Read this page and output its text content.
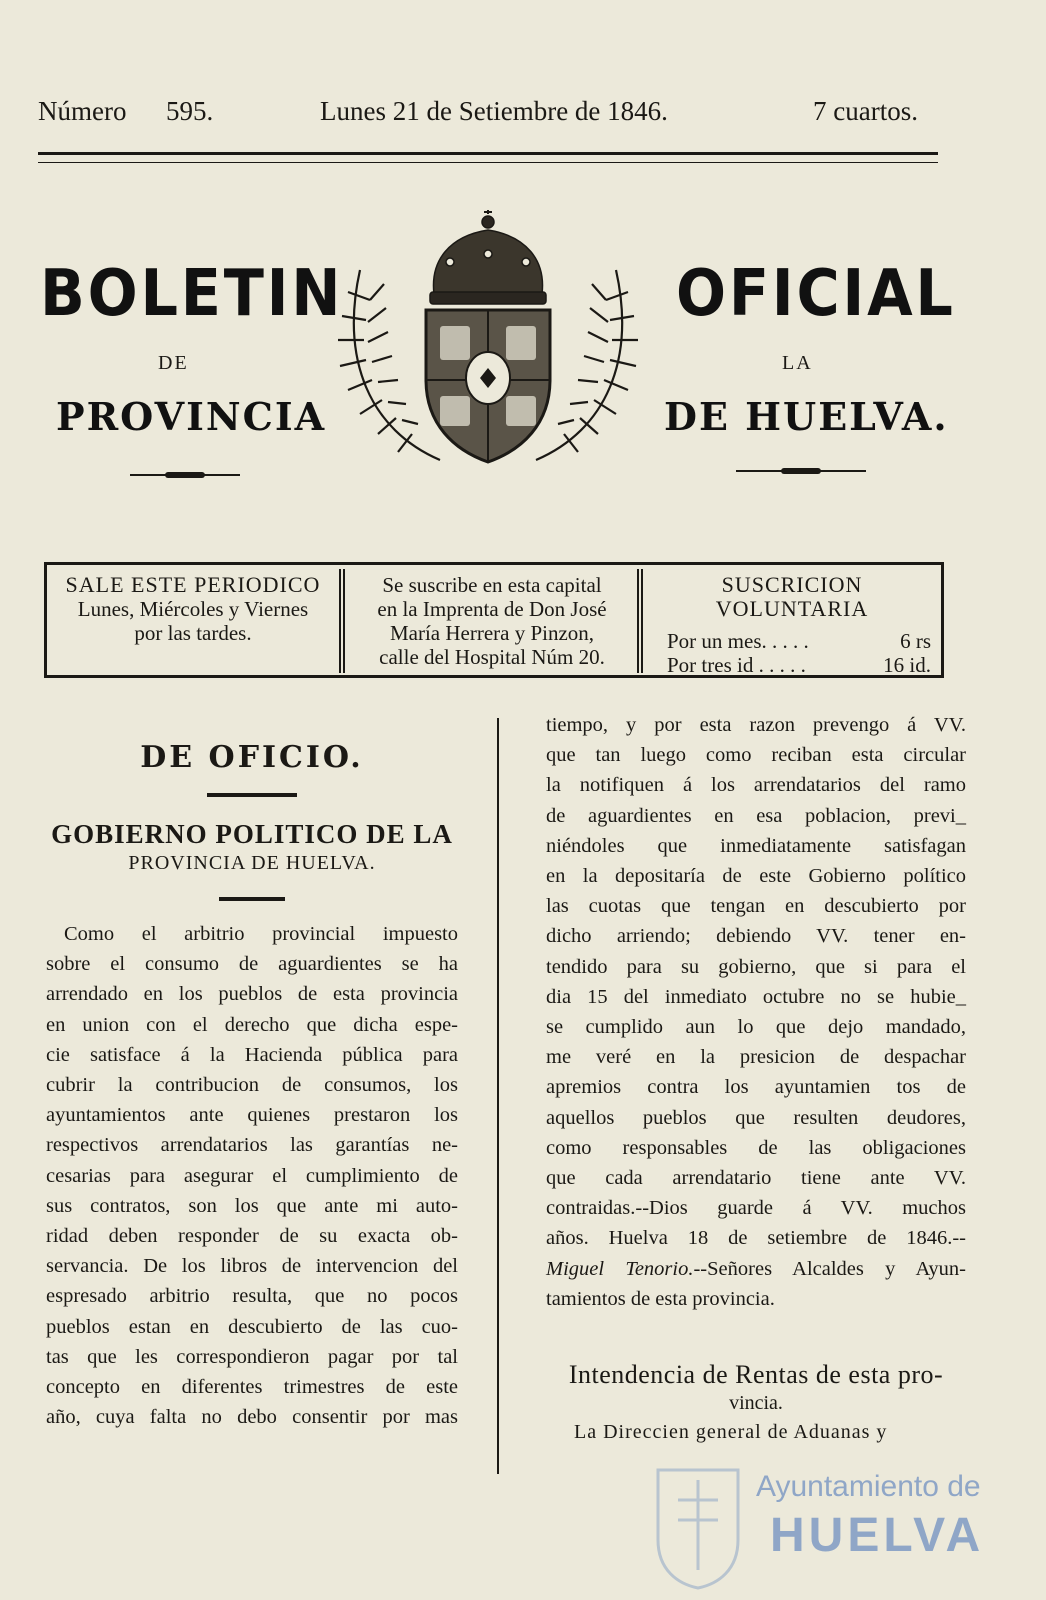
Número 595.	Lunes 21 de Setiembre de 1846.	7 cuartos.
BOLETIN
DE
PROVINCIA
OFICIAL
LA
DE HUELVA.
SALE ESTE PERIODICO
Lunes, Miércoles y Viernes
por las tardes.
Se suscribe en esta capital
en la Imprenta de Don José
María Herrera y Pinzon,
calle del Hospital Núm 20.
SUSCRICION VOLUNTARIA
Por un mes. . . . .	6 rs
Por tres id . . . . .	16 id.
DE OFICIO.
GOBIERNO POLITICO DE LA

PROVINCIA DE HUELVA.

Como el arbitrio provincial impuesto
sobre el consumo de aguardientes se ha
arrendado en los pueblos de esta provincia
en union con el derecho que dicha espe-
cie satisface á la Hacienda pública para
cubrir la contribucion de consumos, los
ayuntamientos ante quienes prestaron los
respectivos arrendatarios las garantías ne-
cesarias para asegurar el cumplimiento de
sus contratos, son los que ante mi auto-
ridad deben responder de su exacta ob-
servancia. De los libros de intervencion del
espresado arbitrio resulta, que no pocos
pueblos estan en descubierto de las cuo-
tas que les correspondieron pagar por tal
concepto en diferentes trimestres de este
año, cuya falta no debo consentir por mas

tiempo, y por esta razon prevengo á VV.
que tan luego como reciban esta circular
la notifiquen á los arrendatarios del ramo
de aguardientes en esa poblacion, previ_
niéndoles que inmediatamente satisfagan
en la depositaría de este Gobierno político
las cuotas que tengan en descubierto por
dicho arriendo; debiendo VV. tener en-
tendido para su gobierno, que si para el
dia 15 del inmediato octubre no se hubie_
se cumplido aun lo que dejo mandado,
me veré en la presicion de despachar
apremios contra los ayuntamien tos de
aquellos pueblos que resulten deudores,
como responsables de las obligaciones
que cada arrendatario tiene ante VV.
contraidas.--Dios guarde á VV. muchos
años. Huelva 18 de setiembre de 1846.--

Miguel Tenorio.--Señores Alcaldes y Ayun-
tamientos de esta provincia.

Intendencia de Rentas de esta pro-

vincia.

La Direccien general de Aduanas y

Ayuntamiento de
HUELVA
